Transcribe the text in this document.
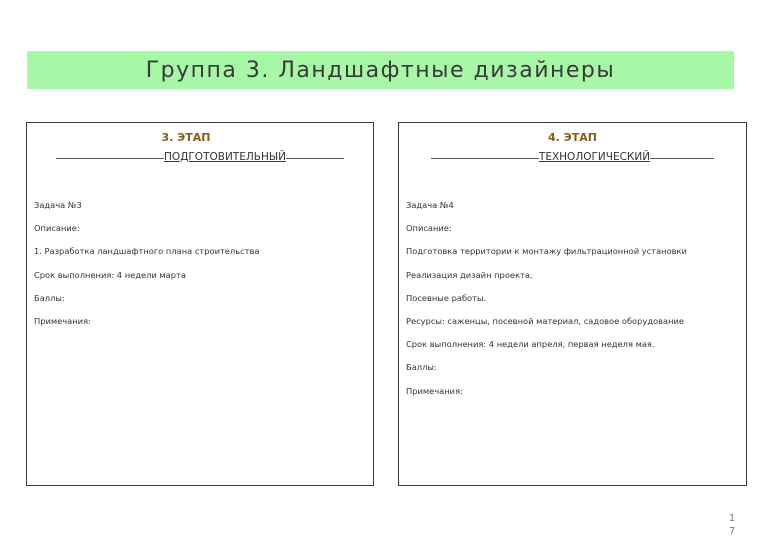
Группа 3. Ландшафтные дизайнеры
3. ЭТАП
ПОДГОТОВИТЕЛЬНЫЙ
Задача №3
Описание:
1. Разработка ландшафтного плана строительства
Срок выполнения: 4 недели марта
Баллы:
Примечания:
4. ЭТАП
ТЕХНОЛОГИЧЕСКИЙ
Задача №4
Описание:
Подготовка территории к монтажу фильтрационной установки
Реализация дизайн проекта,
Посевные работы.
Ресурсы: саженцы, посевной материал, садовое оборудование
Срок выполнения: 4 недели апреля, первая неделя мая.
Баллы:
Примечания:
1
7
